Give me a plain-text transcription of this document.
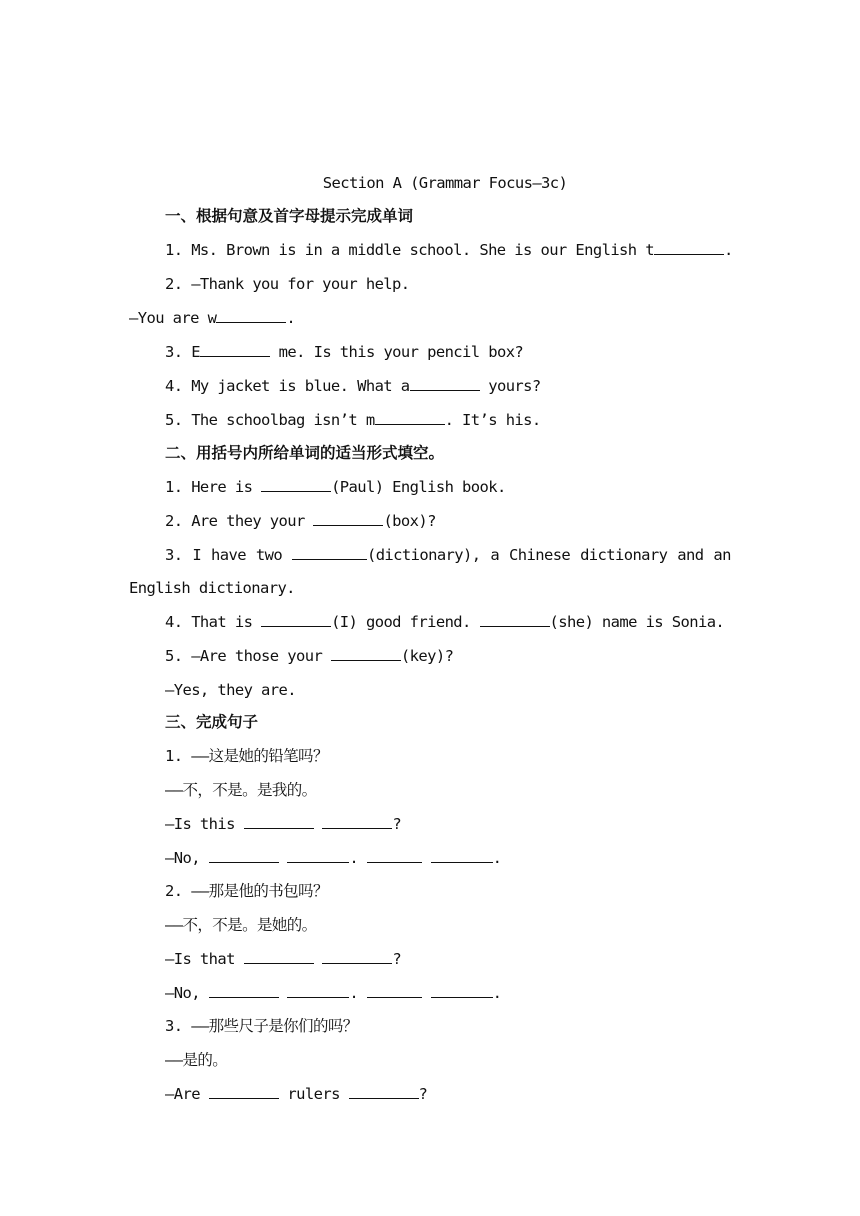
Section A (Grammar Focus—3c)
一、根据句意及首字母提示完成单词
1. Ms. Brown is in a middle school. She is our English t	.
2. —Thank you for your help.
—You are w	.
3. E	me. Is this your pencil box?
4. My jacket is blue. What a	yours?
5. The schoolbag isn’t m	. It’s his.
二、用括号内所给单词的适当形式填空。
1. Here is	(Paul) English book.
2. Are they your	(box)?
3. I have two	(dictionary), a Chinese dictionary and an
English dictionary.
4. That is	(I) good friend.	(she) name is Sonia.
5. —Are those your	(key)?
—Yes, they are.
三、完成句子
1. ——这是她的铅笔吗？
——不，不是。是我的。
—Is this	?
—No,	.	.
2. ——那是他的书包吗？
——不，不是。是她的。
—Is that	?
—No,	.	.
3. ——那些尺子是你们的吗？
——是的。
—Are	rulers	?
